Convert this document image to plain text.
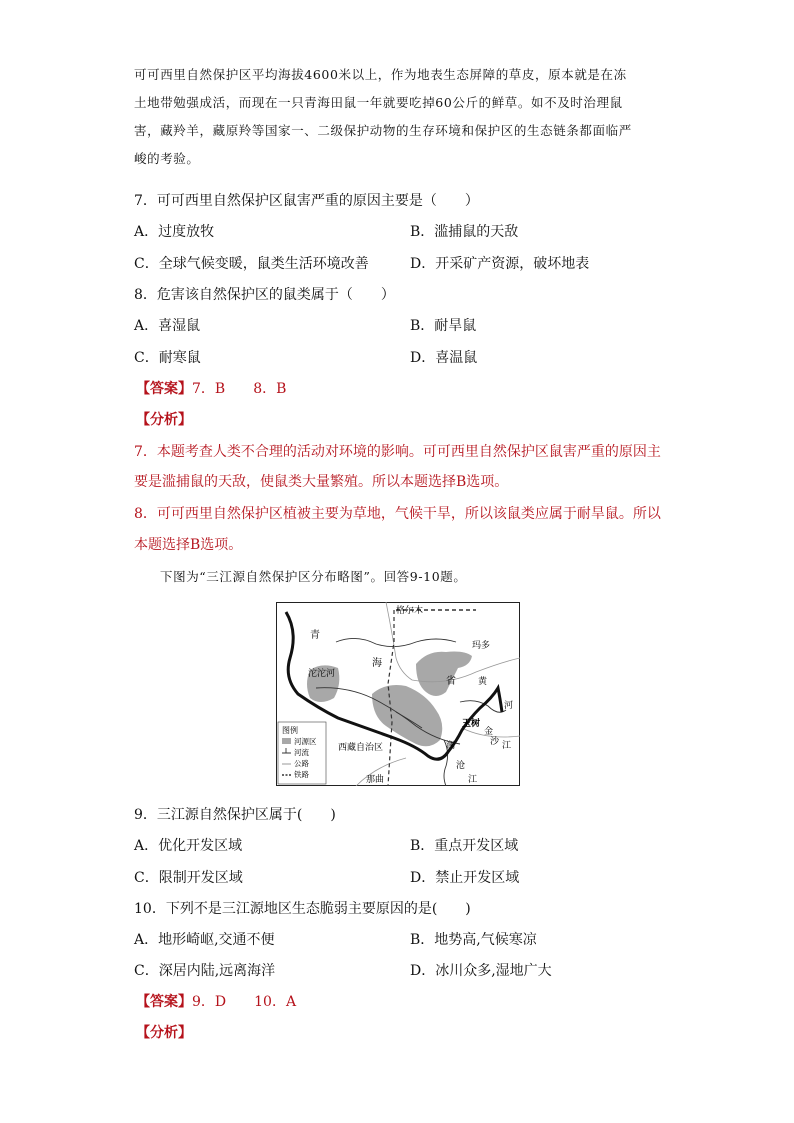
可可西里自然保护区平均海拔4600米以上，作为地表生态屏障的草皮，原本就是在冻
土地带勉强成活，而现在一只青海田鼠一年就要吃掉60公斤的鲜草。如不及时治理鼠
害，藏羚羊，藏原羚等国家一、二级保护动物的生存环境和保护区的生态链条都面临严
峻的考验。
7．可可西里自然保护区鼠害严重的原因主要是（　　）
A．过度放牧	B．滥捕鼠的天敌
C．全球气候变暖，鼠类生活环境改善	D．开采矿产资源，破坏地表
8．危害该自然保护区的鼠类属于（　　）
A．喜湿鼠	B．耐旱鼠
C．耐寒鼠	D．喜温鼠
【答案】7．B　　8．B
【分析】
7．本题考查人类不合理的活动对环境的影响。可可西里自然保护区鼠害严重的原因主
要是滥捕鼠的天敌，使鼠类大量繁殖。所以本题选择B选项。
8．可可西里自然保护区植被主要为草地，气候干旱，所以该鼠类应属于耐旱鼠。所以
本题选择B选项。
下图为“三江源自然保护区分布略图”。回答9-10题。
图例
河源区
河流
公路
铁路
格尔木
青
海
省
沱沱河
玛多
黄
河
玉树
金
沙 江
澜
沧
江
西藏自治区
那曲
9．三江源自然保护区属于(　　)
A．优化开发区域	B．重点开发区域
C．限制开发区域	D．禁止开发区域
10．下列不是三江源地区生态脆弱主要原因的是(　　)
A．地形崎岖,交通不便	B．地势高,气候寒凉
C．深居内陆,远离海洋	D．冰川众多,湿地广大
【答案】9．D　　10．A
【分析】
